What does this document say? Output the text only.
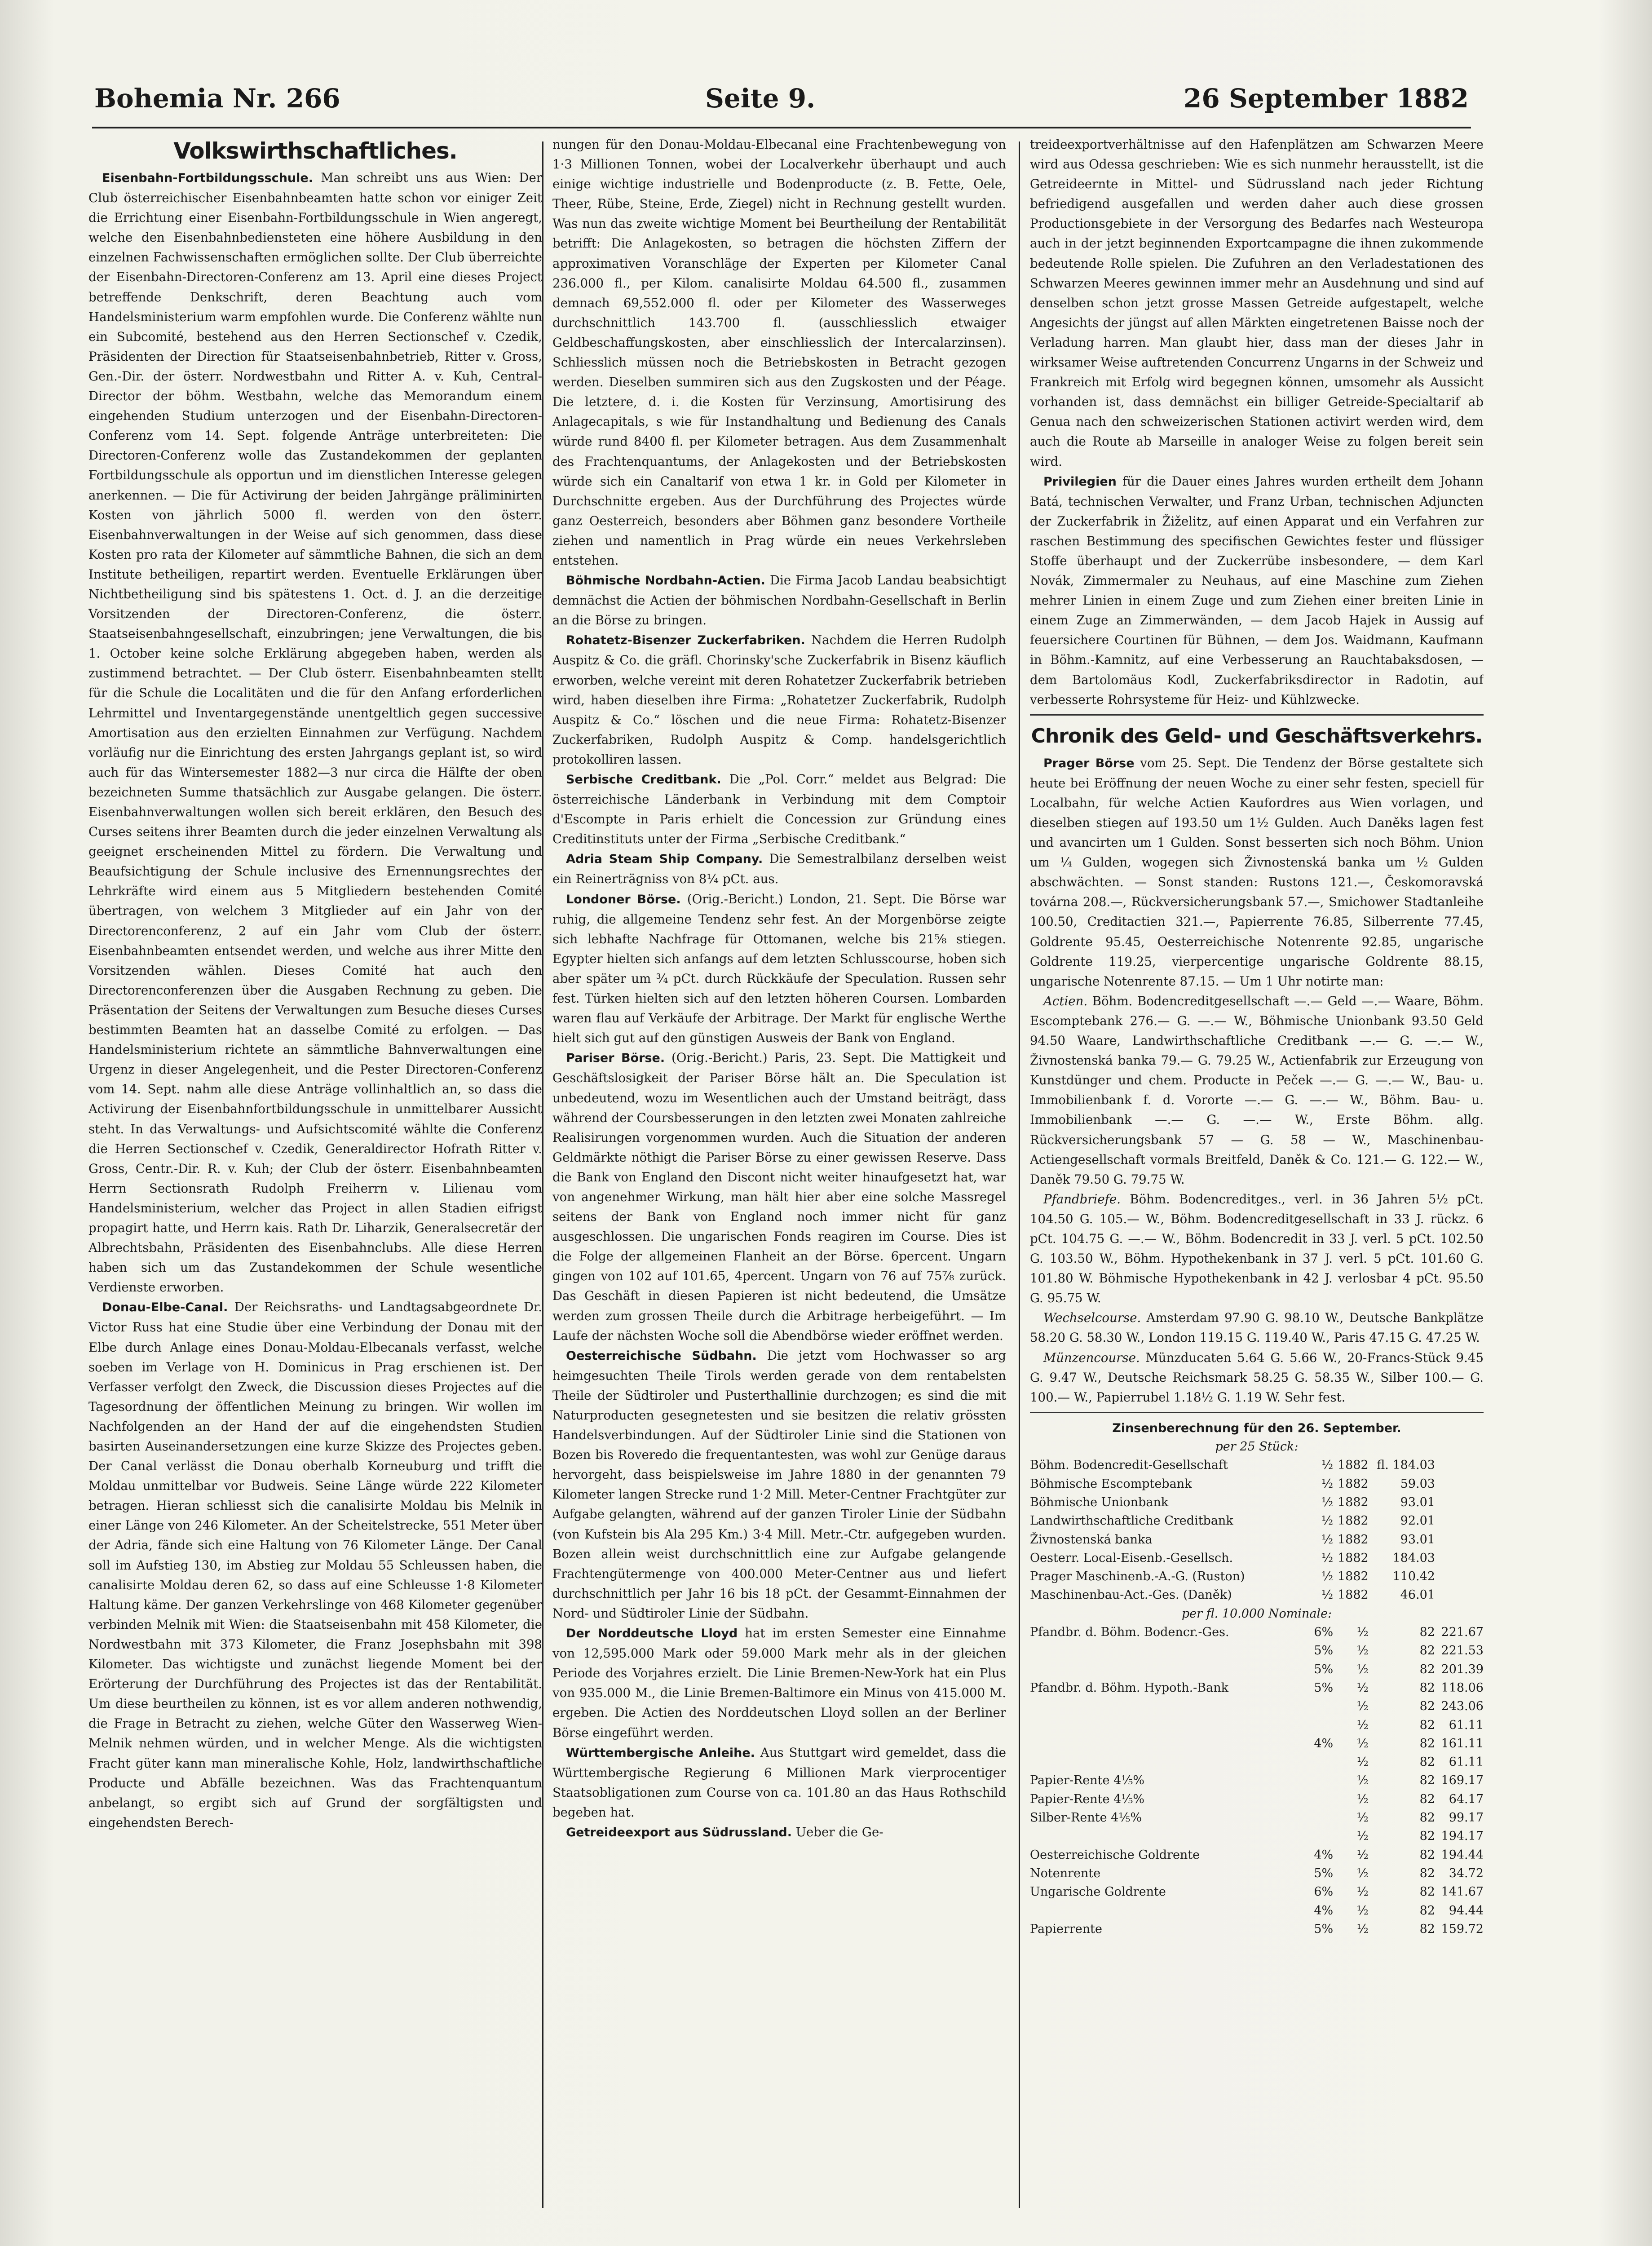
Bohemia Nr. 266	Seite 9.	26 September 1882
Volkswirthschaftliches.

Eisenbahn-Fortbildungsschule. Man schreibt uns aus Wien: Der Club österreichischer Eisenbahnbeamten hatte schon vor einiger Zeit die Errichtung einer Eisenbahn-Fortbildungsschule in Wien angeregt, welche den Eisenbahnbediensteten eine höhere Ausbildung in den einzelnen Fachwissenschaften ermöglichen sollte. Der Club überreichte der Eisenbahn-Directoren-Conferenz am 13. April eine dieses Project betreffende Denkschrift, deren Beachtung auch vom Handelsministerium warm empfohlen wurde. Die Conferenz wählte nun ein Subcomité, bestehend aus den Herren Sectionschef v. Czedik, Präsidenten der Direction für Staatseisenbahnbetrieb, Ritter v. Gross, Gen.-Dir. der österr. Nordwestbahn und Ritter A. v. Kuh, Central-Director der böhm. Westbahn, welche das Memorandum einem eingehenden Studium unterzogen und der Eisenbahn-Directoren-Conferenz vom 14. Sept. folgende Anträge unterbreiteten: Die Directoren-Conferenz wolle das Zustandekommen der geplanten Fortbildungsschule als opportun und im dienstlichen Interesse gelegen anerkennen. — Die für Activirung der beiden Jahrgänge präliminirten Kosten von jährlich 5000 fl. werden von den österr. Eisenbahnverwaltungen in der Weise auf sich genommen, dass diese Kosten pro rata der Kilometer auf sämmtliche Bahnen, die sich an dem Institute betheiligen, repartirt werden. Eventuelle Erklärungen über Nichtbetheiligung sind bis spätestens 1. Oct. d. J. an die derzeitige Vorsitzenden der Directoren-Conferenz, die österr. Staatseisenbahngesellschaft, einzubringen; jene Verwaltungen, die bis 1. October keine solche Erklärung abgegeben haben, werden als zustimmend betrachtet. — Der Club österr. Eisenbahnbeamten stellt für die Schule die Localitäten und die für den Anfang erforderlichen Lehrmittel und Inventargegenstände unentgeltlich gegen successive Amortisation aus den erzielten Einnahmen zur Verfügung. Nachdem vorläufig nur die Einrichtung des ersten Jahrgangs geplant ist, so wird auch für das Wintersemester 1882—3 nur circa die Hälfte der oben bezeichneten Summe thatsächlich zur Ausgabe gelangen. Die österr. Eisenbahnverwaltungen wollen sich bereit erklären, den Besuch des Curses seitens ihrer Beamten durch die jeder einzelnen Verwaltung als geeignet erscheinenden Mittel zu fördern. Die Verwaltung und Beaufsichtigung der Schule inclusive des Ernennungsrechtes der Lehrkräfte wird einem aus 5 Mitgliedern bestehenden Comité übertragen, von welchem 3 Mitglieder auf ein Jahr von der Directorenconferenz, 2 auf ein Jahr vom Club der österr. Eisenbahnbeamten entsendet werden, und welche aus ihrer Mitte den Vorsitzenden wählen. Dieses Comité hat auch den Directorenconferenzen über die Ausgaben Rechnung zu geben. Die Präsentation der Seitens der Verwaltungen zum Besuche dieses Curses bestimmten Beamten hat an dasselbe Comité zu erfolgen. — Das Handelsministerium richtete an sämmtliche Bahnverwaltungen eine Urgenz in dieser Angelegenheit, und die Pester Directoren-Conferenz vom 14. Sept. nahm alle diese Anträge vollinhaltlich an, so dass die Activirung der Eisenbahnfortbildungsschule in unmittelbarer Aussicht steht. In das Verwaltungs- und Aufsichtscomité wählte die Conferenz die Herren Sectionschef v. Czedik, Generaldirector Hofrath Ritter v. Gross, Centr.-Dir. R. v. Kuh; der Club der österr. Eisenbahnbeamten Herrn Sectionsrath Rudolph Freiherrn v. Lilienau vom Handelsministerium, welcher das Project in allen Stadien eifrigst propagirt hatte, und Herrn kais. Rath Dr. Liharzik, Generalsecretär der Albrechtsbahn, Präsidenten des Eisenbahnclubs. Alle diese Herren haben sich um das Zustandekommen der Schule wesentliche Verdienste erworben.

Donau-Elbe-Canal. Der Reichsraths- und Landtagsabgeordnete Dr. Victor Russ hat eine Studie über eine Verbindung der Donau mit der Elbe durch Anlage eines Donau-Moldau-Elbecanals verfasst, welche soeben im Verlage von H. Dominicus in Prag erschienen ist. Der Verfasser verfolgt den Zweck, die Discussion dieses Projectes auf die Tagesordnung der öffentlichen Meinung zu bringen. Wir wollen im Nachfolgenden an der Hand der auf die eingehendsten Studien basirten Auseinandersetzungen eine kurze Skizze des Projectes geben. Der Canal verlässt die Donau oberhalb Korneuburg und trifft die Moldau unmittelbar vor Budweis. Seine Länge würde 222 Kilometer betragen. Hieran schliesst sich die canalisirte Moldau bis Melnik in einer Länge von 246 Kilometer. An der Scheitelstrecke, 551 Meter über der Adria, fände sich eine Haltung von 76 Kilometer Länge. Der Canal soll im Aufstieg 130, im Abstieg zur Moldau 55 Schleussen haben, die canalisirte Moldau deren 62, so dass auf eine Schleusse 1·8 Kilometer Haltung käme. Der ganzen Verkehrslinge von 468 Kilometer gegenüber verbinden Melnik mit Wien: die Staatseisenbahn mit 458 Kilometer, die Nordwestbahn mit 373 Kilometer, die Franz Josephsbahn mit 398 Kilometer. Das wichtigste und zunächst liegende Moment bei der Erörterung der Durchführung des Projectes ist das der Rentabilität. Um diese beurtheilen zu können, ist es vor allem anderen nothwendig, die Frage in Betracht zu ziehen, welche Güter den Wasserweg Wien-Melnik nehmen würden, und in welcher Menge. Als die wichtigsten Fracht güter kann man mineralische Kohle, Holz, landwirthschaftliche Producte und Abfälle bezeichnen. Was das Frachtenquantum anbelangt, so ergibt sich auf Grund der sorgfältigsten und eingehendsten Berech-

nungen für den Donau-Moldau-Elbecanal eine Frachtenbewegung von 1·3 Millionen Tonnen, wobei der Localverkehr überhaupt und auch einige wichtige industrielle und Bodenproducte (z. B. Fette, Oele, Theer, Rübe, Steine, Erde, Ziegel) nicht in Rechnung gestellt wurden. Was nun das zweite wichtige Moment bei Beurtheilung der Rentabilität betrifft: Die Anlagekosten, so betragen die höchsten Ziffern der approximativen Voranschläge der Experten per Kilometer Canal 236.000 fl., per Kilom. canalisirte Moldau 64.500 fl., zusammen demnach 69,552.000 fl. oder per Kilometer des Wasserweges durchschnittlich 143.700 fl. (ausschliesslich etwaiger Geldbeschaffungskosten, aber einschliesslich der Intercalarzinsen). Schliesslich müssen noch die Betriebskosten in Betracht gezogen werden. Dieselben summiren sich aus den Zugskosten und der Péage. Die letztere, d. i. die Kosten für Verzinsung, Amortisirung des Anlagecapitals, s wie für Instandhaltung und Bedienung des Canals würde rund 8400 fl. per Kilometer betragen. Aus dem Zusammenhalt des Frachtenquantums, der Anlagekosten und der Betriebskosten würde sich ein Canaltarif von etwa 1 kr. in Gold per Kilometer in Durchschnitte ergeben. Aus der Durchführung des Projectes würde ganz Oesterreich, besonders aber Böhmen ganz besondere Vortheile ziehen und namentlich in Prag würde ein neues Verkehrsleben entstehen.

Böhmische Nordbahn-Actien. Die Firma Jacob Landau beabsichtigt demnächst die Actien der böhmischen Nordbahn-Gesellschaft in Berlin an die Börse zu bringen.

Rohatetz-Bisenzer Zuckerfabriken. Nachdem die Herren Rudolph Auspitz & Co. die gräfl. Chorinsky'sche Zuckerfabrik in Bisenz käuflich erworben, welche vereint mit deren Rohatetzer Zuckerfabrik betrieben wird, haben dieselben ihre Firma: „Rohatetzer Zuckerfabrik, Rudolph Auspitz & Co.“ löschen und die neue Firma: Rohatetz-Bisenzer Zuckerfabriken, Rudolph Auspitz & Comp. handelsgerichtlich protokolliren lassen.

Serbische Creditbank. Die „Pol. Corr.“ meldet aus Belgrad: Die österreichische Länderbank in Verbindung mit dem Comptoir d'Escompte in Paris erhielt die Concession zur Gründung eines Creditinstituts unter der Firma „Serbische Creditbank.“

Adria Steam Ship Company. Die Semestralbilanz derselben weist ein Reinerträgniss von 8¼ pCt. aus.

Londoner Börse. (Orig.-Bericht.) London, 21. Sept. Die Börse war ruhig, die allgemeine Tendenz sehr fest. An der Morgenbörse zeigte sich lebhafte Nachfrage für Ottomanen, welche bis 21⅝ stiegen. Egypter hielten sich anfangs auf dem letzten Schlusscourse, hoben sich aber später um ¾ pCt. durch Rückkäufe der Speculation. Russen sehr fest. Türken hielten sich auf den letzten höheren Coursen. Lombarden waren flau auf Verkäufe der Arbitrage. Der Markt für englische Werthe hielt sich gut auf den günstigen Ausweis der Bank von England.

Pariser Börse. (Orig.-Bericht.) Paris, 23. Sept. Die Mattigkeit und Geschäftslosigkeit der Pariser Börse hält an. Die Speculation ist unbedeutend, wozu im Wesentlichen auch der Umstand beiträgt, dass während der Coursbesserungen in den letzten zwei Monaten zahlreiche Realisirungen vorgenommen wurden. Auch die Situation der anderen Geldmärkte nöthigt die Pariser Börse zu einer gewissen Reserve. Dass die Bank von England den Discont nicht weiter hinaufgesetzt hat, war von angenehmer Wirkung, man hält hier aber eine solche Massregel seitens der Bank von England noch immer nicht für ganz ausgeschlossen. Die ungarischen Fonds reagiren im Course. Dies ist die Folge der allgemeinen Flanheit an der Börse. 6percent. Ungarn gingen von 102 auf 101.65, 4percent. Ungarn von 76 auf 75⅞ zurück. Das Geschäft in diesen Papieren ist nicht bedeutend, die Umsätze werden zum grossen Theile durch die Arbitrage herbeigeführt. — Im Laufe der nächsten Woche soll die Abendbörse wieder eröffnet werden.

Oesterreichische Südbahn. Die jetzt vom Hochwasser so arg heimgesuchten Theile Tirols werden gerade von dem rentabelsten Theile der Südtiroler und Pusterthallinie durchzogen; es sind die mit Naturproducten gesegnetesten und sie besitzen die relativ grössten Handelsverbindungen. Auf der Südtiroler Linie sind die Stationen von Bozen bis Roveredo die frequentantesten, was wohl zur Genüge daraus hervorgeht, dass beispielsweise im Jahre 1880 in der genannten 79 Kilometer langen Strecke rund 1·2 Mill. Meter-Centner Frachtgüter zur Aufgabe gelangten, während auf der ganzen Tiroler Linie der Südbahn (von Kufstein bis Ala 295 Km.) 3·4 Mill. Metr.-Ctr. aufgegeben wurden. Bozen allein weist durchschnittlich eine zur Aufgabe gelangende Frachtengütermenge von 400.000 Meter-Centner aus und liefert durchschnittlich per Jahr 16 bis 18 pCt. der Gesammt-Einnahmen der Nord- und Südtiroler Linie der Südbahn.

Der Norddeutsche Lloyd hat im ersten Semester eine Einnahme von 12,595.000 Mark oder 59.000 Mark mehr als in der gleichen Periode des Vorjahres erzielt. Die Linie Bremen-New-York hat ein Plus von 935.000 M., die Linie Bremen-Baltimore ein Minus von 415.000 M. ergeben. Die Actien des Norddeutschen Lloyd sollen an der Berliner Börse eingeführt werden.

Württembergische Anleihe. Aus Stuttgart wird gemeldet, dass die Württembergische Regierung 6 Millionen Mark vierprocentiger Staatsobligationen zum Course von ca. 101.80 an das Haus Rothschild begeben hat.

Getreideexport aus Südrussland. Ueber die Ge-

treideexportverhältnisse auf den Hafenplätzen am Schwarzen Meere wird aus Odessa geschrieben: Wie es sich nunmehr herausstellt, ist die Getreideernte in Mittel- und Südrussland nach jeder Richtung befriedigend ausgefallen und werden daher auch diese grossen Productionsgebiete in der Versorgung des Bedarfes nach Westeuropa auch in der jetzt beginnenden Exportcampagne die ihnen zukommende bedeutende Rolle spielen. Die Zufuhren an den Verladestationen des Schwarzen Meeres gewinnen immer mehr an Ausdehnung und sind auf denselben schon jetzt grosse Massen Getreide aufgestapelt, welche Angesichts der jüngst auf allen Märkten eingetretenen Baisse noch der Verladung harren. Man glaubt hier, dass man der dieses Jahr in wirksamer Weise auftretenden Concurrenz Ungarns in der Schweiz und Frankreich mit Erfolg wird begegnen können, umsomehr als Aussicht vorhanden ist, dass demnächst ein billiger Getreide-Specialtarif ab Genua nach den schweizerischen Stationen activirt werden wird, dem auch die Route ab Marseille in analoger Weise zu folgen bereit sein wird.

Privilegien für die Dauer eines Jahres wurden ertheilt dem Johann Batá, technischen Verwalter, und Franz Urban, technischen Adjuncten der Zuckerfabrik in Žiželitz, auf einen Apparat und ein Verfahren zur raschen Bestimmung des specifischen Gewichtes fester und flüssiger Stoffe überhaupt und der Zuckerrübe insbesondere, — dem Karl Novák, Zimmermaler zu Neuhaus, auf eine Maschine zum Ziehen mehrer Linien in einem Zuge und zum Ziehen einer breiten Linie in einem Zuge an Zimmerwänden, — dem Jacob Hajek in Aussig auf feuersichere Courtinen für Bühnen, — dem Jos. Waidmann, Kaufmann in Böhm.-Kamnitz, auf eine Verbesserung an Rauchtabaksdosen, — dem Bartolomäus Kodl, Zuckerfabriksdirector in Radotin, auf verbesserte Rohrsysteme für Heiz- und Kühlzwecke.

Chronik des Geld- und Geschäftsverkehrs.

Prager Börse vom 25. Sept. Die Tendenz der Börse gestaltete sich heute bei Eröffnung der neuen Woche zu einer sehr festen, speciell für Localbahn, für welche Actien Kaufordres aus Wien vorlagen, und dieselben stiegen auf 193.50 um 1½ Gulden. Auch Daněks lagen fest und avancirten um 1 Gulden. Sonst besserten sich noch Böhm. Union um ¼ Gulden, wogegen sich Živnostenská banka um ½ Gulden abschwächten. — Sonst standen: Rustons 121.—, Českomoravská továrna 208.—, Rückversicherungsbank 57.—, Smichower Stadtanleihe 100.50, Creditactien 321.—, Papierrente 76.85, Silberrente 77.45, Goldrente 95.45, Oesterreichische Notenrente 92.85, ungarische Goldrente 119.25, vierpercentige ungarische Goldrente 88.15, ungarische Notenrente 87.15. — Um 1 Uhr notirte man:

Actien. Böhm. Bodencreditgesellschaft —.— Geld —.— Waare, Böhm. Escomptebank 276.— G. —.— W., Böhmische Unionbank 93.50 Geld 94.50 Waare, Landwirthschaftliche Creditbank —.— G. —.— W., Živnostenská banka 79.— G. 79.25 W., Actienfabrik zur Erzeugung von Kunstdünger und chem. Producte in Peček —.— G. —.— W., Bau- u. Immobilienbank f. d. Vororte —.— G. —.— W., Böhm. Bau- u. Immobilienbank —.— G. —.— W., Erste Böhm. allg. Rückversicherungsbank 57 — G. 58 — W., Maschinenbau-Actiengesellschaft vormals Breitfeld, Daněk & Co. 121.— G. 122.— W., Daněk 79.50 G. 79.75 W.

Pfandbriefe. Böhm. Bodencreditges., verl. in 36 Jahren 5½ pCt. 104.50 G. 105.— W., Böhm. Bodencreditgesellschaft in 33 J. rückz. 6 pCt. 104.75 G. —.— W., Böhm. Bodencredit in 33 J. verl. 5 pCt. 102.50 G. 103.50 W., Böhm. Hypothekenbank in 37 J. verl. 5 pCt. 101.60 G. 101.80 W. Böhmische Hypothekenbank in 42 J. verlosbar 4 pCt. 95.50 G. 95.75 W.

Wechselcourse. Amsterdam 97.90 G. 98.10 W., Deutsche Bankplätze 58.20 G. 58.30 W., London 119.15 G. 119.40 W., Paris 47.15 G. 47.25 W.

Münzencourse. Münzducaten 5.64 G. 5.66 W., 20-Francs-Stück 9.45 G. 9.47 W., Deutsche Reichsmark 58.25 G. 58.35 W., Silber 100.— G. 100.— W., Papierrubel 1.18½ G. 1.19 W. Sehr fest.

Zinsenberechnung für den 26. September.				
per 25 Stück:				
Böhm. Bodencredit-Gesellschaft	½	1882	fl. 184.03	
Böhmische Escomptebank	½	1882	59.03	
Böhmische Unionbank	½	1882	93.01	
Landwirthschaftliche Creditbank	½	1882	92.01	
Živnostenská banka	½	1882	93.01	
Oesterr. Local-Eisenb.-Gesellsch.	½	1882	184.03	
Prager Maschinenb.-A.-G. (Ruston)	½	1882	110.42	
Maschinenbau-Act.-Ges. (Daněk)	½	1882	46.01	
per fl. 10.000 Nominale:				
Pfandbr. d. Böhm. Bodencr.-Ges.	6%	½	82	221.67
	5%	½	82	221.53
	5%	½	82	201.39
Pfandbr. d. Böhm. Hypoth.-Bank	5%	½	82	118.06
		½	82	243.06
		½	82	61.11
	4%	½	82	161.11
		½	82	61.11
Papier-Rente 4⅕%		½	82	169.17
Papier-Rente 4⅕%		½	82	64.17
Silber-Rente 4⅕%		½	82	99.17
		½	82	194.17
Oesterreichische Goldrente	4%	½	82	194.44
Notenrente	5%	½	82	34.72
Ungarische Goldrente	6%	½	82	141.67
	4%	½	82	94.44
Papierrente	5%	½	82	159.72
